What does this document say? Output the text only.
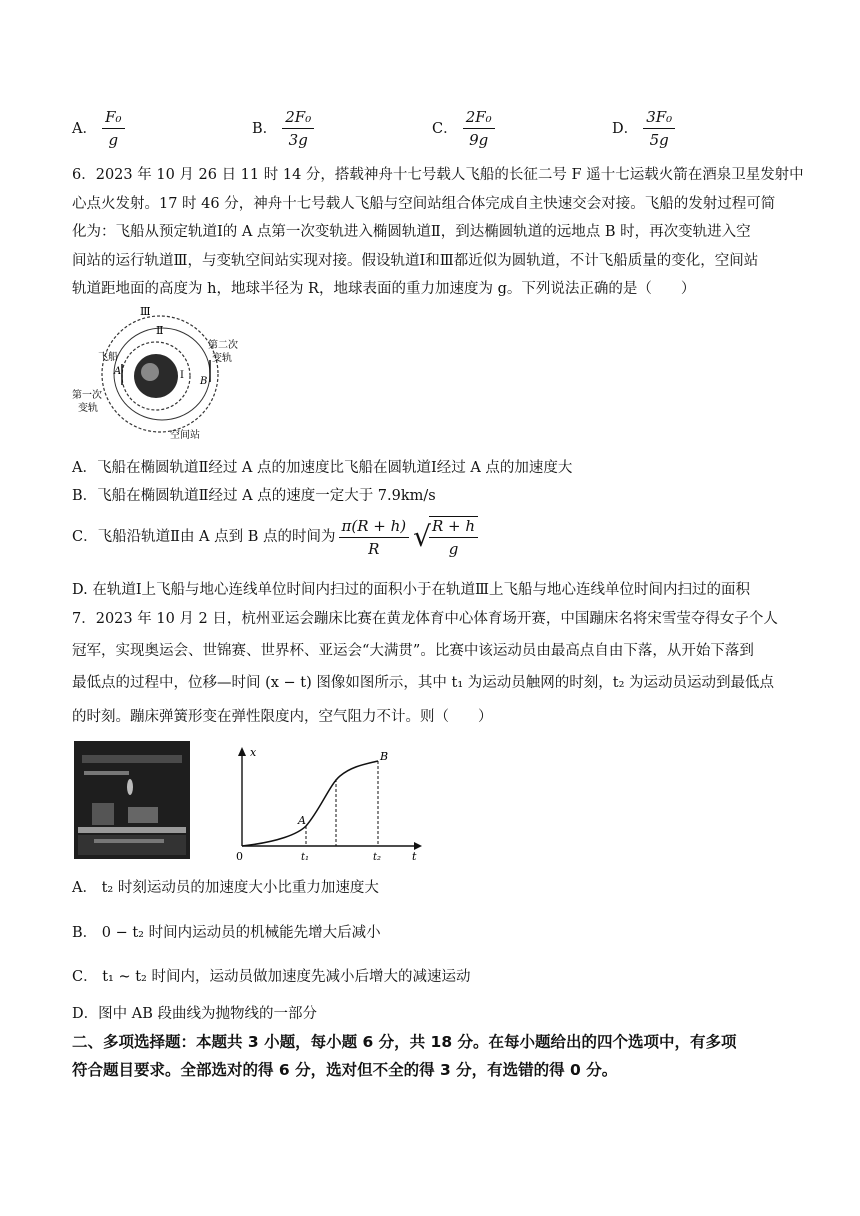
A． $\frac{\text{F₀}}{g}$	B． $\frac{\text{2F₀}}{3g}$	C． $\frac{\text{2F₀}}{9g}$	D． $\frac{\text{3F₀}}{5g}$
6．2023 年 10 月 26 日 11 时 14 分，搭载神舟十七号载人飞船的长征二号 F 遥十七运载火箭在酒泉卫星发射中
心点火发射。17 时 46 分，神舟十七号载人飞船与空间站组合体完成自主快速交会对接。飞船的发射过程可简
化为：飞船从预定轨道Ⅰ的 A 点第一次变轨进入椭圆轨道Ⅱ，到达椭圆轨道的远地点 B 时，再次变轨进入空
间站的运行轨道Ⅲ，与变轨空间站实现对接。假设轨道Ⅰ和Ⅲ都近似为圆轨道，不计飞船质量的变化，空间站
轨道距地面的高度为 h，地球半径为 R，地球表面的重力加速度为 g。下列说法正确的是（　　）
Ⅲ
Ⅱ
Ⅰ
飞船
A
B
第二次
变轨
第一次
变轨
空间站
A．飞船在椭圆轨道Ⅱ经过 A 点的加速度比飞船在圆轨道Ⅰ经过 A 点的加速度大
B．飞船在椭圆轨道Ⅱ经过 A 点的速度一定大于 7.9km/s
C．飞船沿轨道Ⅱ由 A 点到 B 点的时间为 $\frac{\pi(R + h)}{R}$ √
$\frac{R + h}{g}$
D. 在轨道Ⅰ上飞船与地心连线单位时间内扫过的面积小于在轨道Ⅲ上飞船与地心连线单位时间内扫过的面积
7．2023 年 10 月 2 日，杭州亚运会蹦床比赛在黄龙体育中心体育场开赛，中国蹦床名将宋雪莹夺得女子个人
冠军，实现奥运会、世锦赛、世界杯、亚运会“大满贯”。比赛中该运动员由最高点自由下落，从开始下落到
最低点的过程中，位移—时间 (x − t) 图像如图所示，其中 t₁ 为运动员触网的时刻，t₂ 为运动员运动到最低点
的时刻。蹦床弹簧形变在弹性限度内，空气阻力不计。则（　　）
x
t
0
A
B
t₁	t₂
A． t₂ 时刻运动员的加速度大小比重力加速度大
B． 0 − t₂ 时间内运动员的机械能先增大后减小
C． t₁ ~ t₂ 时间内，运动员做加速度先减小后增大的减速运动
D．图中 AB 段曲线为抛物线的一部分
二、多项选择题：本题共 3 小题，每小题 6 分，共 18 分。在每小题给出的四个选项中，有多项
符合题目要求。全部选对的得 6 分，选对但不全的得 3 分，有选错的得 0 分。
